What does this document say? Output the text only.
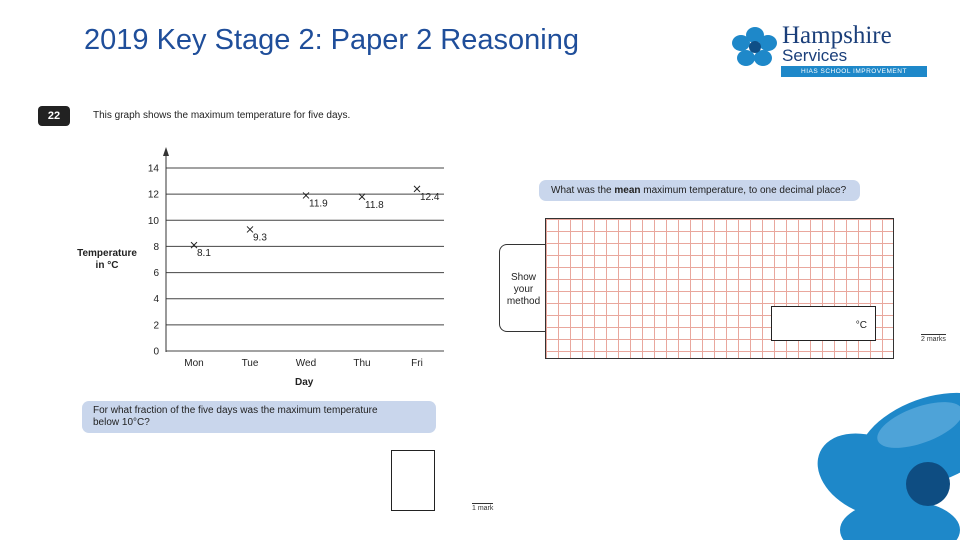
2019 Key Stage 2: Paper 2 Reasoning	Hampshire
Services
HIAS SCHOOL IMPROVEMENT
22	This graph shows the maximum temperature for five days.
0
2
4
6
8
10
12
14
Mon	Tue	Wed	Thu	Fri
8.1
9.3
11.9	11.8
12.4
Temperature
in °C
Day
What was the mean maximum temperature, to one decimal place?
Show
your
method
°C
2 marks
For what fraction of the five days was the maximum temperature
below 10°C?
1 mark
